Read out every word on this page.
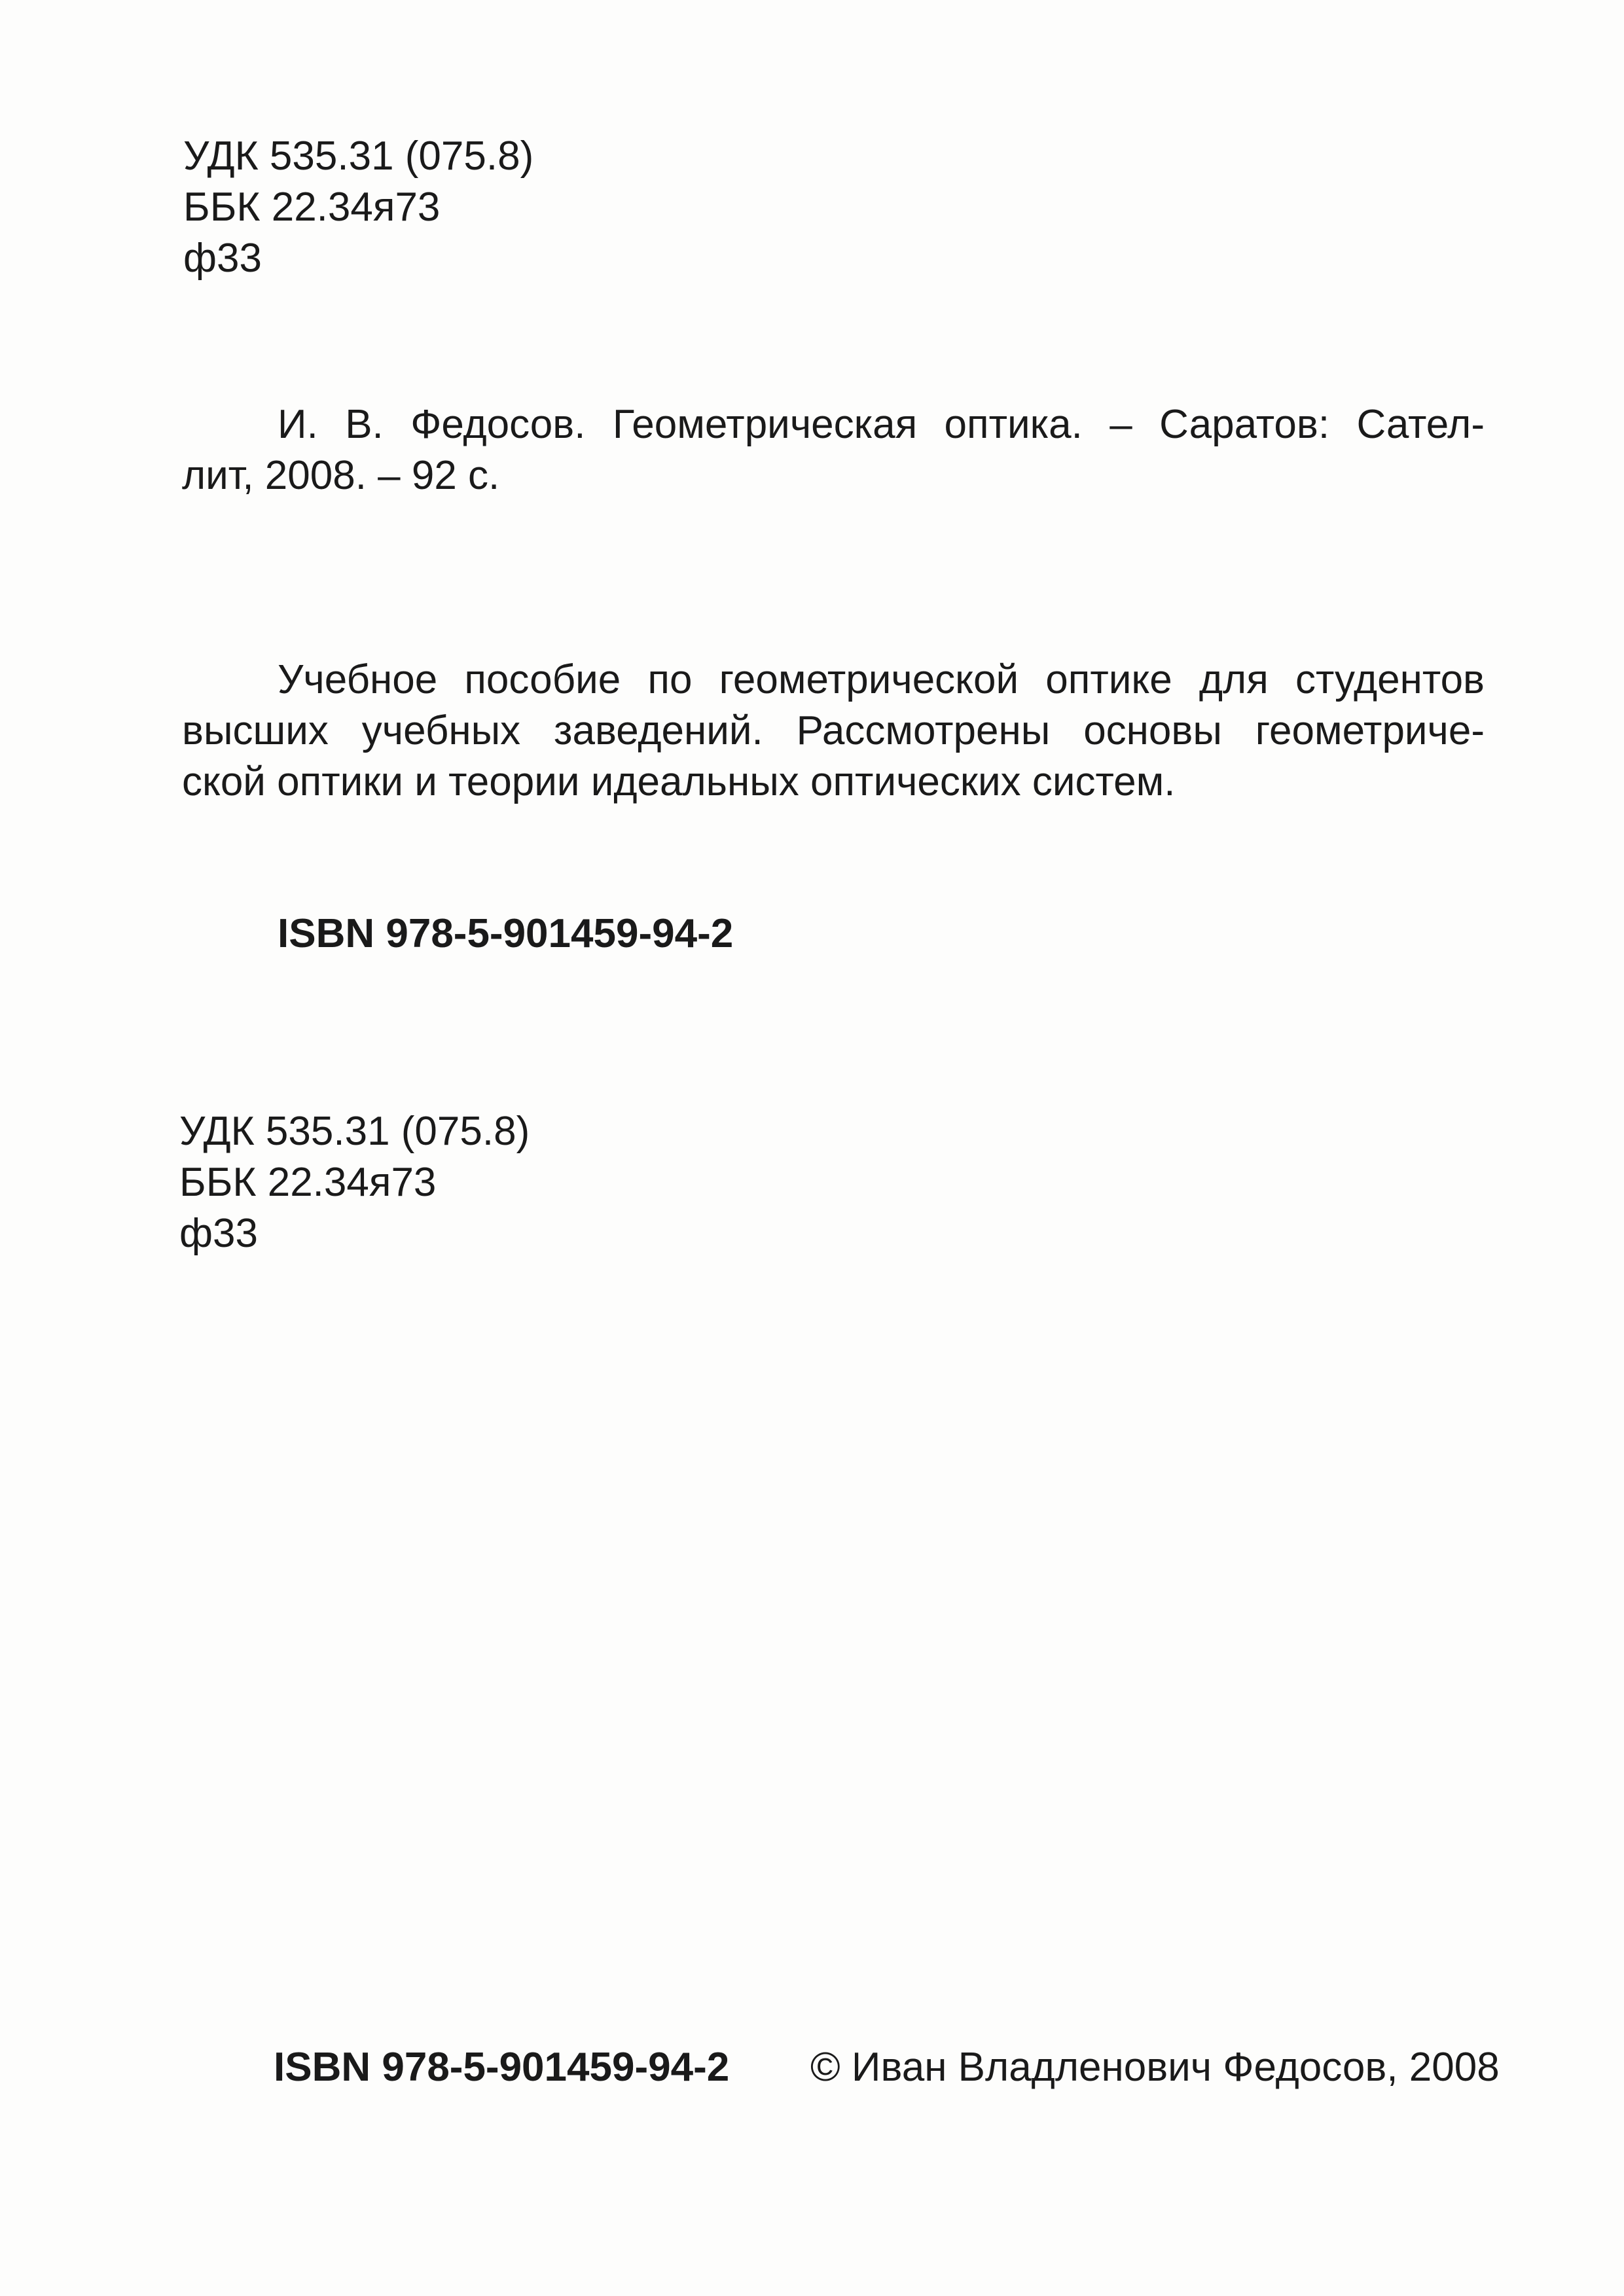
УДК 535.31 (075.8)
ББК 22.34я73
ф33
И. В. Федосов. Геометрическая оптика. – Саратов: Сател-
лит, 2008. – 92 с.
Учебное пособие по геометрической оптике для студентов
высших учебных заведений. Рассмотрены основы геометриче-
ской оптики и теории идеальных оптических систем.
ISBN 978-5-901459-94-2
УДК 535.31 (075.8)
ББК 22.34я73
ф33
ISBN 978-5-901459-94-2 © Иван Владленович Федосов, 2008
